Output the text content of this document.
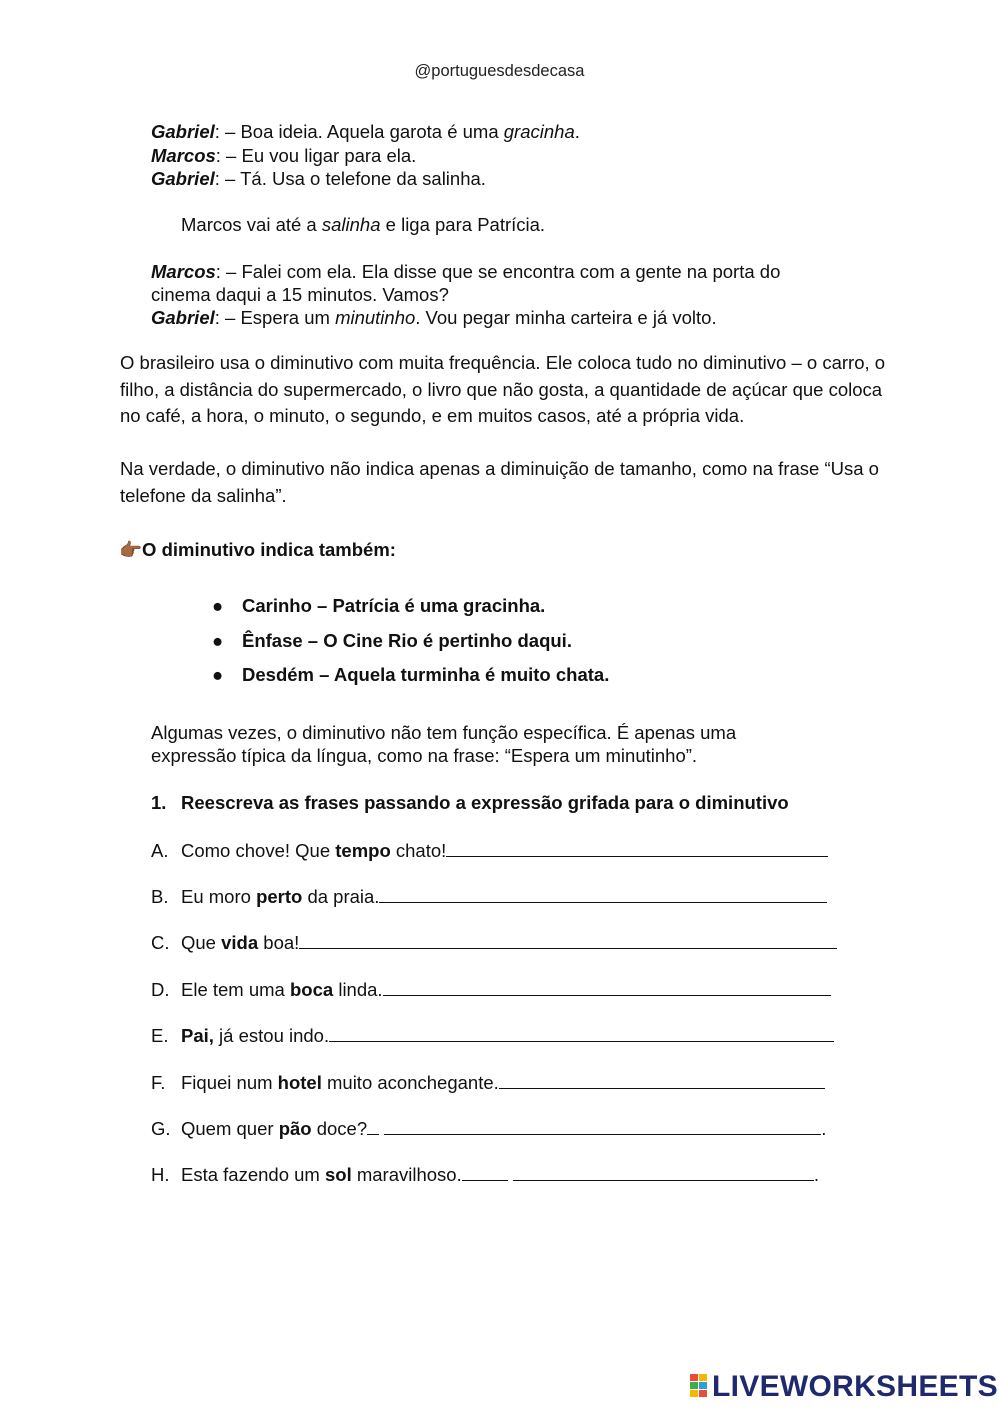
@portuguesdesdecasa
Gabriel: – Boa ideia. Aquela garota é uma gracinha.
Marcos: – Eu vou ligar para ela.
Gabriel: – Tá. Usa o telefone da salinha.
Marcos vai até a salinha e liga para Patrícia.
Marcos: – Falei com ela. Ela disse que se encontra com a gente na porta do
cinema daqui a 15 minutos. Vamos?
Gabriel: – Espera um minutinho. Vou pegar minha carteira e já volto.
O brasileiro usa o diminutivo com muita frequência. Ele coloca tudo no diminutivo – o carro, o filho, a distância do supermercado, o livro que não gosta, a quantidade de açúcar que coloca no café, a hora, o minuto, o segundo, e em muitos casos, até a própria vida.
Na verdade, o diminutivo não indica apenas a diminuição de tamanho, como na frase “Usa o telefone da salinha”.
👉🏾O diminutivo indica também:
● Carinho – Patrícia é uma gracinha.
● Ênfase – O Cine Rio é pertinho daqui.
● Desdém – Aquela turminha é muito chata.
Algumas vezes, o diminutivo não tem função específica. É apenas uma
expressão típica da língua, como na frase: “Espera um minutinho”.
1. Reescreva as frases passando a expressão grifada para o diminutivo
A. Como chove! Que tempo chato!
B. Eu moro perto da praia.
C. Que vida boa!
D. Ele tem uma boca linda.
E. Pai, já estou indo.
F. Fiquei num hotel muito aconchegante.
G. Quem quer pão doce?	.
H. Esta fazendo um sol maravilhoso.	.
LIVEWORKSHEETS
